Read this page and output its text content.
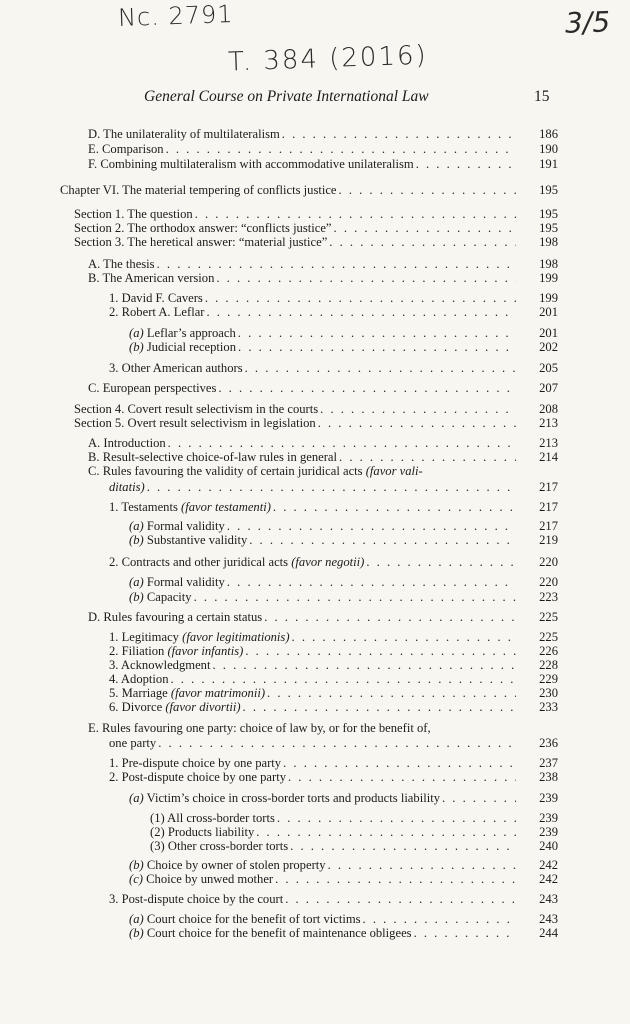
Nc. 2791	3/5
T. 384 (2016)
General Course on Private International Law	15
D. The unilaterality of multilateralism . . .	186
E. Comparison . . .	190
F. Combining multilateralism with accommodative unilateralism . . .	191
Chapter VI. The material tempering of conflicts justice . . .	195
Section 1. The question . . .	195
Section 2. The orthodox answer: “conflicts justice” . . .	195
Section 3. The heretical answer: “material justice” . . .	198
A. The thesis . . .	198
B. The American version . . .	199
1. David F. Cavers . . .	199
2. Robert A. Leflar . . .	201
(a) Leflar’s approach . . .	201
(b) Judicial reception . . .	202
3. Other American authors . . .	205
C. European perspectives . . .	207
Section 4. Covert result selectivism in the courts . . .	208
Section 5. Overt result selectivism in legislation . . .	213
A. Introduction . . .	213
B. Result-selective choice-of-law rules in general . . .	214
C. Rules favouring the validity of certain juridical acts (favor vali-
ditatis) . . .	217
1. Testaments (favor testamenti) . . .	217
(a) Formal validity . . .	217
(b) Substantive validity . . .	219
2. Contracts and other juridical acts (favor negotii) . . .	220
(a) Formal validity . . .	220
(b) Capacity . . .	223
D. Rules favouring a certain status . . .	225
1. Legitimacy (favor legitimationis) . . .	225
2. Filiation (favor infantis) . . .	226
3. Acknowledgment . . .	228
4. Adoption . . .	229
5. Marriage (favor matrimonii) . . .	230
6. Divorce (favor divortii) . . .	233
E. Rules favouring one party: choice of law by, or for the benefit of,
one party . . .	236
1. Pre-dispute choice by one party . . .	237
2. Post-dispute choice by one party . . .	238
(a) Victim’s choice in cross-border torts and products liability . . .	239
(1) All cross-border torts . . .	239
(2) Products liability . . .	239
(3) Other cross-border torts . . .	240
(b) Choice by owner of stolen property . . .	242
(c) Choice by unwed mother . . .	242
3. Post-dispute choice by the court . . .	243
(a) Court choice for the benefit of tort victims . . .	243
(b) Court choice for the benefit of maintenance obligees . . .	244
